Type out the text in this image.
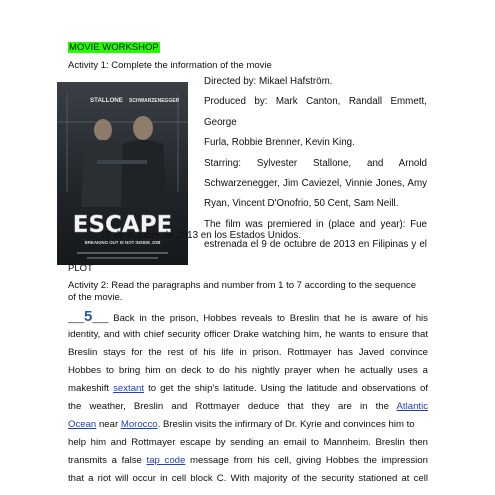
MOVIE WORKSHOP
Activity 1: Complete the information of the movie
STALLONE SCHWARZENEGGER
ESCAPE
BREAKING OUT IS NOT INSIDE JOB
Directed by: Mikael Hafström.
Produced by: Mark Canton, Randall Emmett,
George
Furla, Robbie Brenner, Kevin King.
Starring: Sylvester Stallone, and Arnold
Schwarzenegger, Jim Caviezel, Vinnie Jones, Amy
Ryan, Vincent D'Onofrio, 50 Cent, Sam Neill.
The film was premiered in (place and year): Fue
estrenada el 9 de octubre de 2013 en Filipinas y el
18 de octubre de 2013 en los Estados Unidos.
PLOT
Activity 2: Read the paragraphs and number from 1 to 7 according to the sequence
of the movie.
___5___ Back in the prison, Hobbes reveals to Breslin that he is aware of his
identity, and with chief security officer Drake watching him, he wants to ensure that
Breslin stays for the rest of his life in prison. Rottmayer has Javed convince
Hobbes to bring him on deck to do his nightly prayer when he actually uses a
makeshift sextant to get the ship's latitude. Using the latitude and observations of
the weather, Breslin and Rottmayer deduce that they are in the Atlantic
Ocean near Morocco. Breslin visits the infirmary of Dr. Kyrie and convinces him to
help him and Rottmayer escape by sending an email to Mannheim. Breslin then
transmits a false tap code message from his cell, giving Hobbes the impression
that a riot will occur in cell block C. With majority of the security stationed at cell
